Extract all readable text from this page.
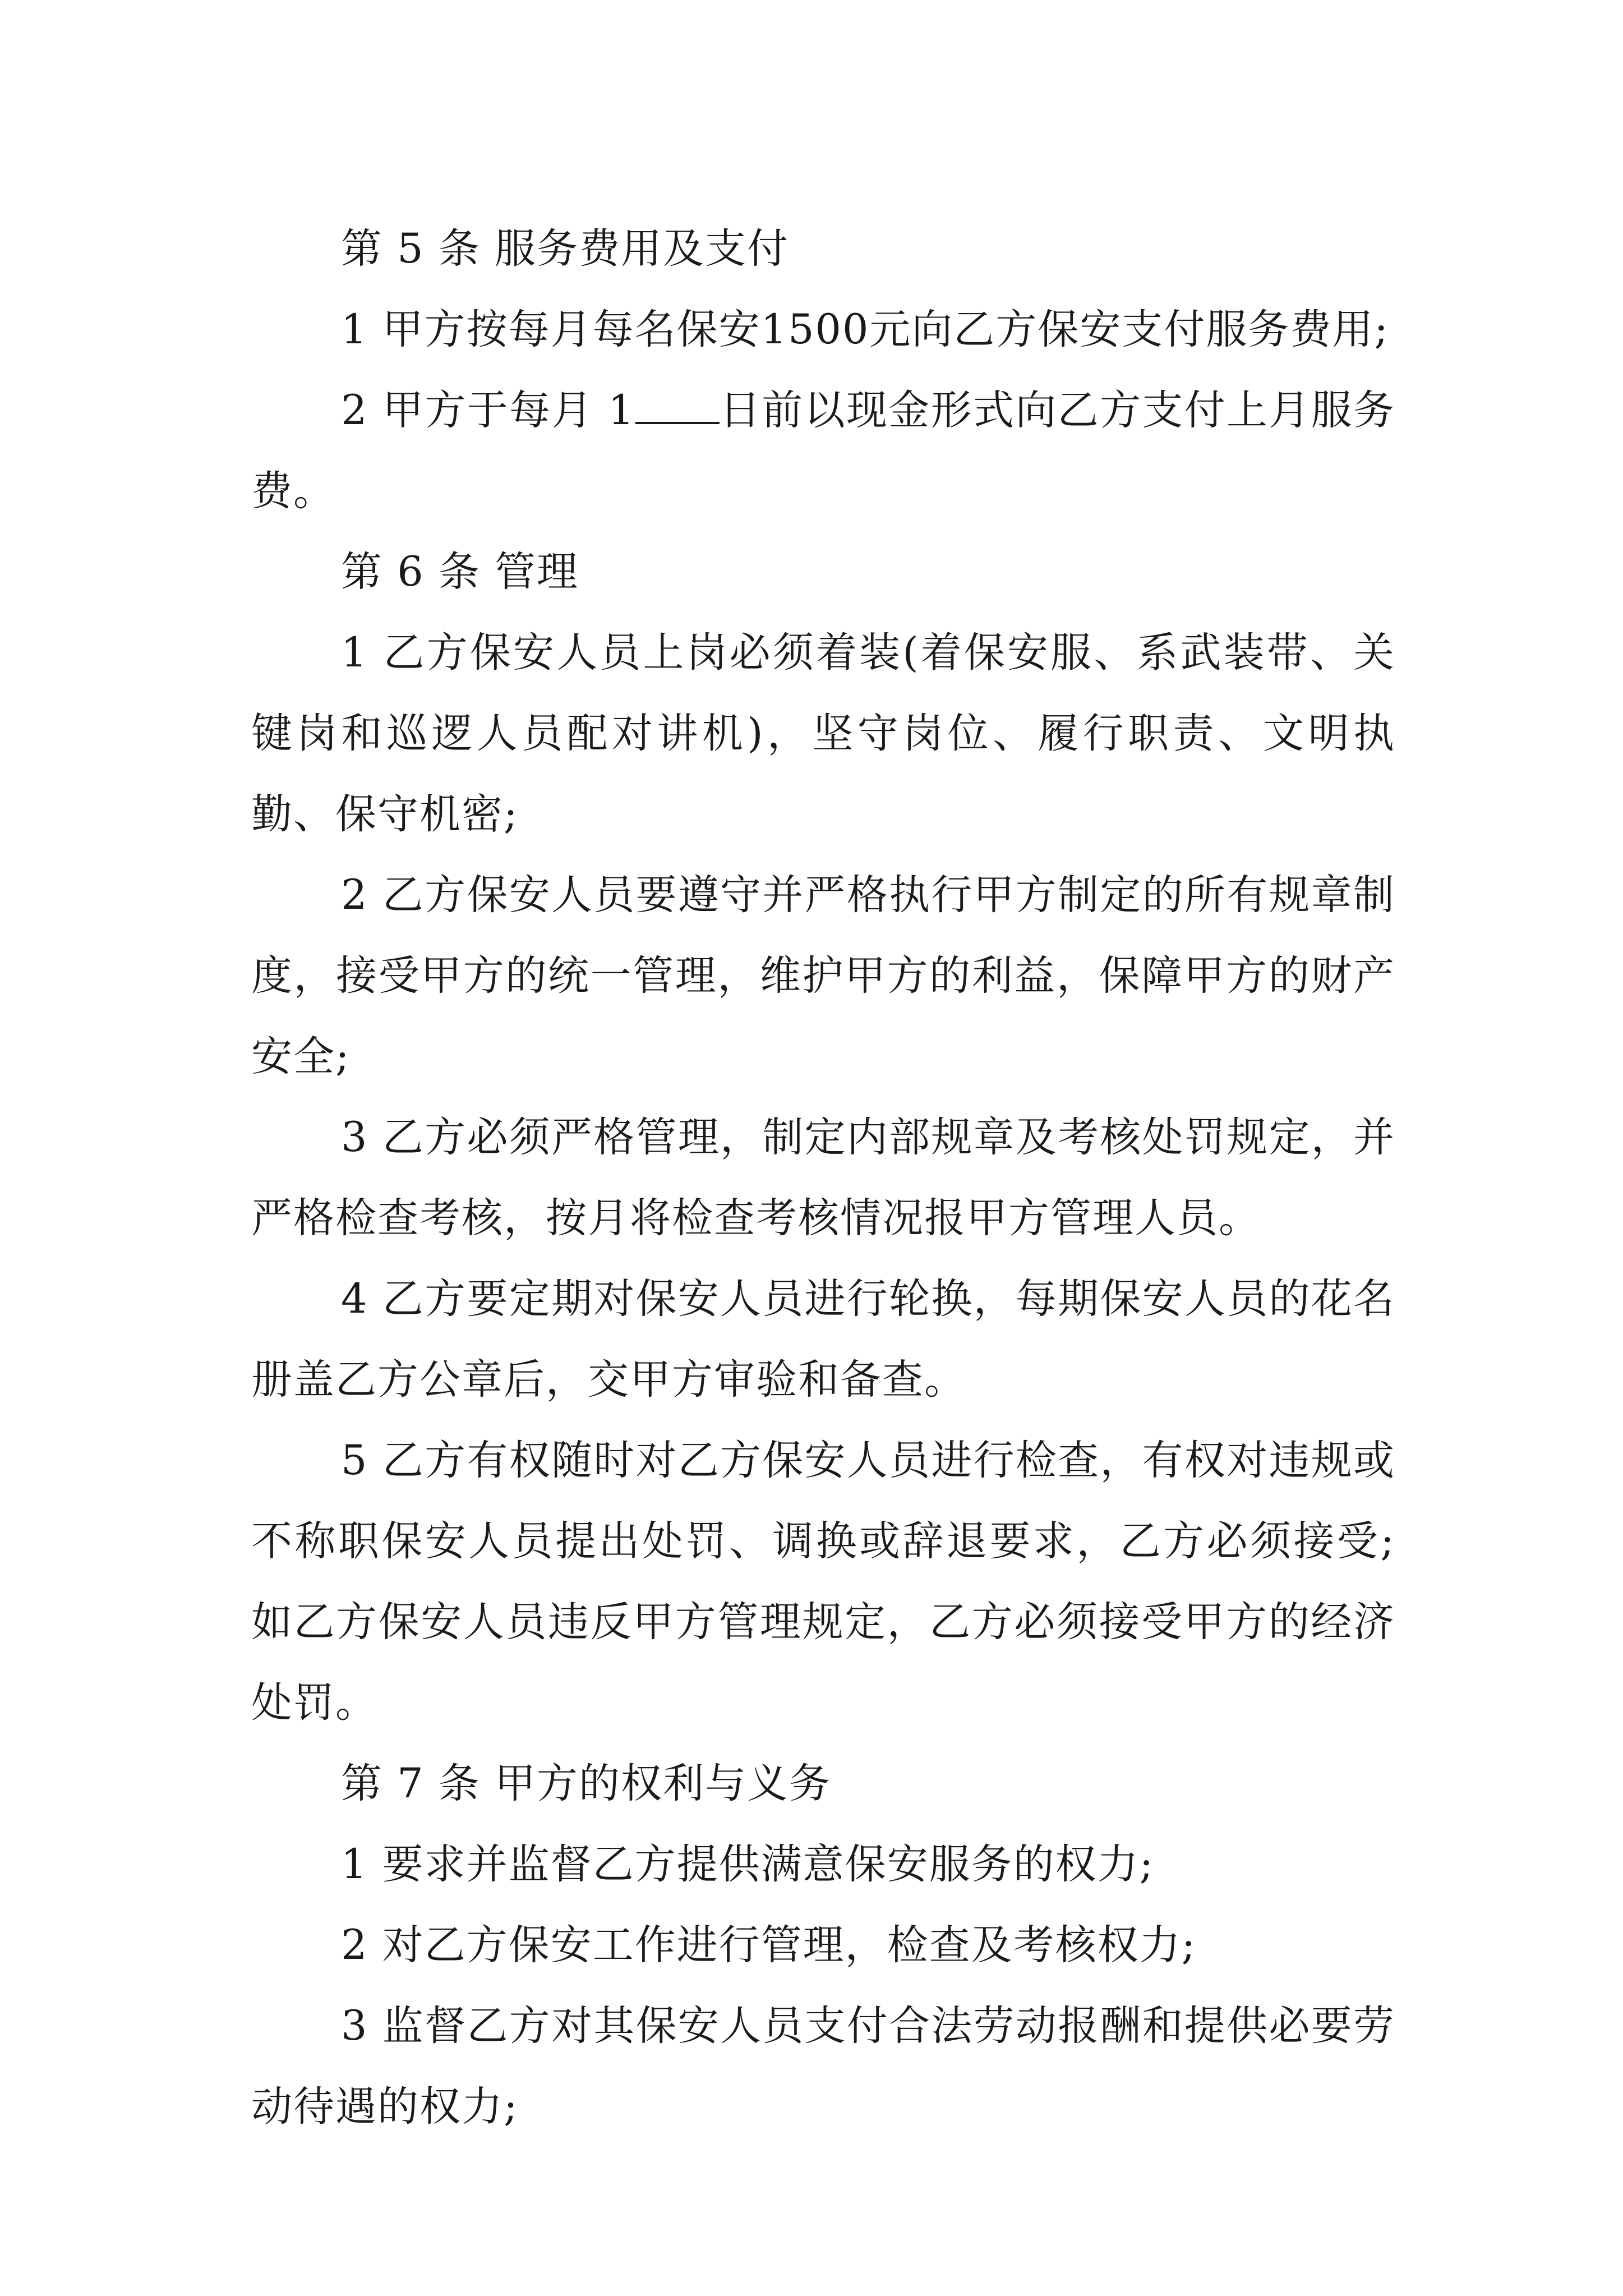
第 5 条 服务费用及支付

1 甲方按每月每名保安1500元向乙方保安支付服务费用;

2 甲方于每月 1 日前以现金形式向乙方支付上月服务费。

第 6 条 管理

1 乙方保安人员上岗必须着装(着保安服、系武装带、关键岗和巡逻人员配对讲机)，坚守岗位、履行职责、文明执勤、保守机密;

2 乙方保安人员要遵守并严格执行甲方制定的所有规章制度，接受甲方的统一管理，维护甲方的利益，保障甲方的财产安全;

3 乙方必须严格管理，制定内部规章及考核处罚规定，并严格检查考核，按月将检查考核情况报甲方管理人员。

4 乙方要定期对保安人员进行轮换，每期保安人员的花名册盖乙方公章后，交甲方审验和备查。

5 乙方有权随时对乙方保安人员进行检查，有权对违规或不称职保安人员提出处罚、调换或辞退要求，乙方必须接受;如乙方保安人员违反甲方管理规定，乙方必须接受甲方的经济处罚。

第 7 条 甲方的权利与义务

1 要求并监督乙方提供满意保安服务的权力;

2 对乙方保安工作进行管理，检查及考核权力;

3 监督乙方对其保安人员支付合法劳动报酬和提供必要劳动待遇的权力;
